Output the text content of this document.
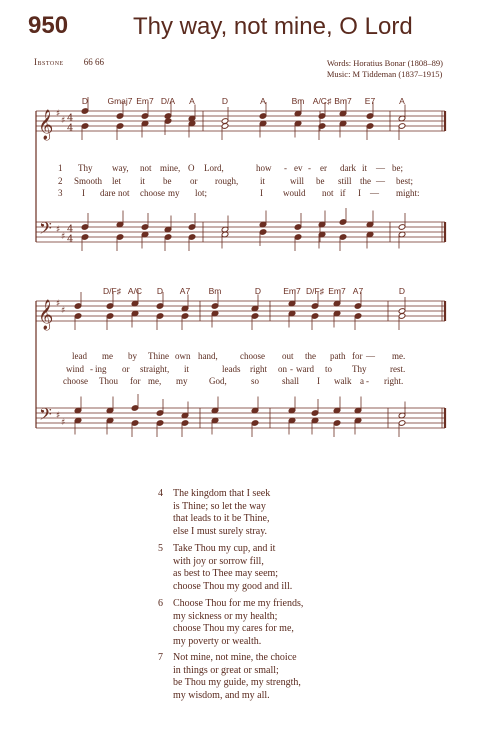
950	Thy way, not mine, O Lord
Ibstone 66 66	Words: Horatius Bonar (1808–89)
Music: M Tiddeman (1837–1915)
𝄞
𝄢
♯
♯
♯
♯
4
4
4
4
D Gmaj7 Em7 D/A A	D	A	Bm A/C♯ Bm7 E7	A
𝄞
𝄢
♯
♯
♯
♯
D/F♯ A/C D A7 Bm	D	Em7 D/F♯ Em7 A7	D
1 Thy way, not mine, O Lord,	how - ev - er dark it — be;
2 Smooth let it be or rough, it	will be still the — best;
3 I dare not choose my lot;	I would not if I — might:
lead me by Thine own hand, choose out the path for — me.
wind - ing or straight, it	leads right on - ward to Thy	rest.
choose Thou for me, my God,	so	shall I walk a - right.
4 The kingdom that I seek
is Thine; so let the way
that leads to it be Thine,
else I must surely stray.
5 Take Thou my cup, and it
with joy or sorrow fill,
as best to Thee may seem;
choose Thou my good and ill.
6 Choose Thou for me my friends,
my sickness or my health;
choose Thou my cares for me,
my poverty or wealth.
7 Not mine, not mine, the choice
in things or great or small;
be Thou my guide, my strength,
my wisdom, and my all.
